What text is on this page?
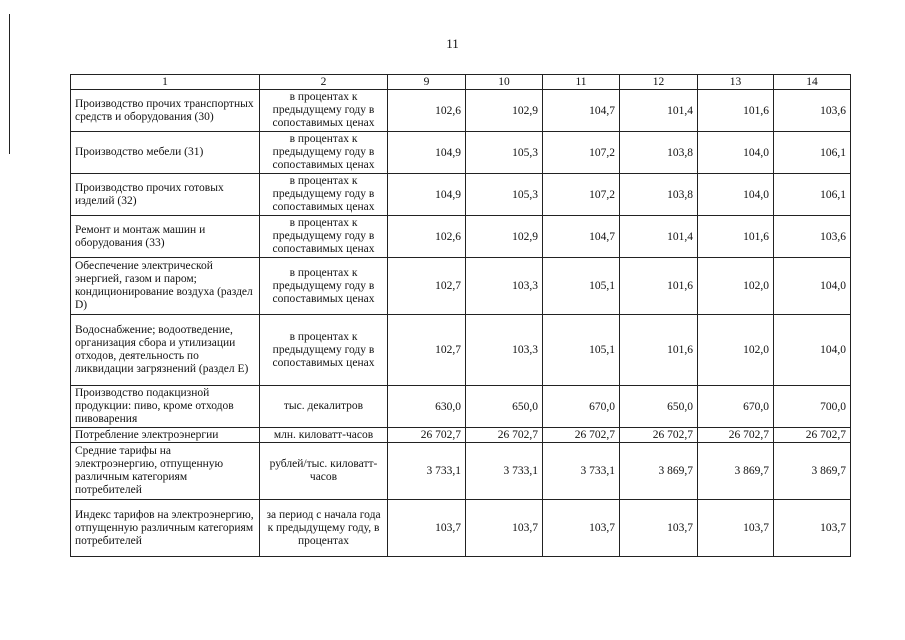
11
1	2	9	10	11	12	13	14
Производство прочих транспортных средств и оборудования (30)	в процентах к предыдущему году в сопоставимых ценах	102,6	102,9	104,7	101,4	101,6	103,6
Производство мебели (31)	в процентах к предыдущему году в сопоставимых ценах	104,9	105,3	107,2	103,8	104,0	106,1
Производство прочих готовых изделий (32)	в процентах к предыдущему году в сопоставимых ценах	104,9	105,3	107,2	103,8	104,0	106,1
Ремонт и монтаж машин и оборудования (33)	в процентах к предыдущему году в сопоставимых ценах	102,6	102,9	104,7	101,4	101,6	103,6
Обеспечение электрической энергией, газом и паром; кондиционирование воздуха (раздел D)	в процентах к предыдущему году в сопоставимых ценах	102,7	103,3	105,1	101,6	102,0	104,0
Водоснабжение; водоотведение, организация сбора и утилизации отходов, деятельность по ликвидации загрязнений (раздел E)	в процентах к предыдущему году в сопоставимых ценах	102,7	103,3	105,1	101,6	102,0	104,0
Производство подакцизной продукции: пиво, кроме отходов пивоварения	тыс. декалитров	630,0	650,0	670,0	650,0	670,0	700,0
Потребление электроэнергии	млн. киловатт-часов	26 702,7	26 702,7	26 702,7	26 702,7	26 702,7	26 702,7
Средние тарифы на электроэнергию, отпущенную различным категориям потребителей	рублей/тыс. киловатт-часов	3 733,1	3 733,1	3 733,1	3 869,7	3 869,7	3 869,7
Индекс тарифов на электроэнергию, отпущенную различным категориям потребителей	за период с начала года к предыдущему году, в процентах	103,7	103,7	103,7	103,7	103,7	103,7
